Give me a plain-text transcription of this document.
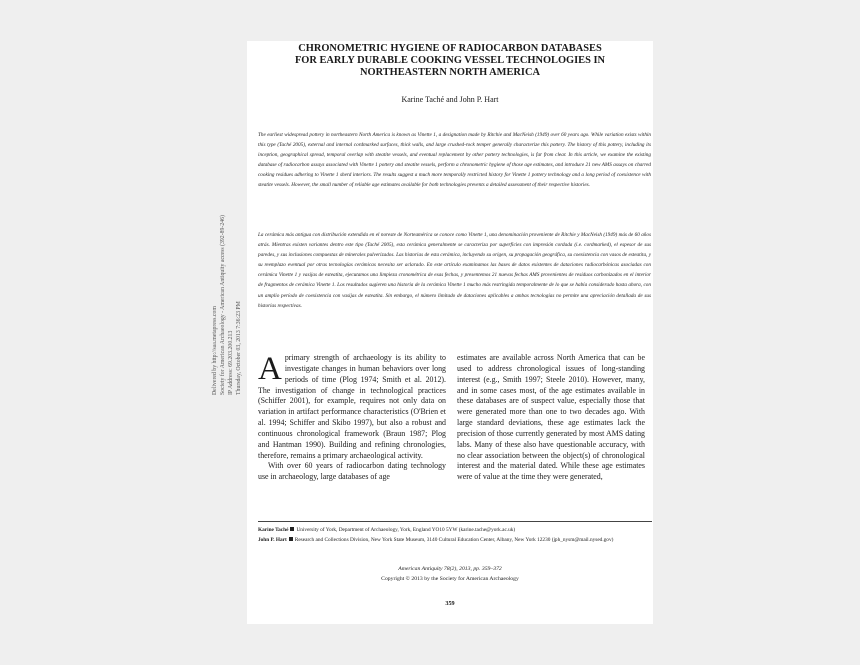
Delivered by http://saa.metapress.com Society for American Archaeology - American Antiquity access (392-89-246) IP Address: 69.203.200.213 Thursday, October 03, 2013 7:36:23 PM
CHRONOMETRIC HYGIENE OF RADIOCARBON DATABASES
FOR EARLY DURABLE COOKING VESSEL TECHNOLOGIES IN
NORTHEASTERN NORTH AMERICA
Karine Taché and John P. Hart

The earliest widespread pottery in northeastern North America is known as Vinette 1, a designation made by Ritchie and MacNeish (1949) over 60 years ago. While variation exists within this type (Taché 2005), external and internal cordmarked surfaces, thick walls, and large crushed-rock temper generally characterize this pottery. The history of this pottery, including its inception, geographical spread, temporal overlap with steatite vessels, and eventual replacement by other pottery technologies, is far from clear. In this article, we examine the existing database of radiocarbon assays associated with Vinette 1 pottery and steatite vessels, perform a chronometric hygiene of those age estimates, and introduce 21 new AMS assays on charred cooking residues adhering to Vinette 1 sherd interiors. The results suggest a much more temporally restricted history for Vinette 1 pottery technology and a long period of coexistence with steatite vessels. However, the small number of reliable age estimates available for both technologies prevents a detailed assessment of their respective histories.

La cerámica más antigua con distribución extendida en el noreste de Norteamérica se conoce como Vinette 1, una denominación proveniente de Ritchie y MacNeish (1949) más de 60 años atrás. Mientras existen variantes dentro este tipo (Taché 2005), esta cerámica generalmente se caracteriza por superficies con impresión cordada (i.e. cordmarked), el espesor de sus paredes, y sus inclusiones compuestas de minerales pulverizados. Las historias de esta cerámica, incluyendo su origen, su propagación geográfica, su coexistencia con vasos de esteatita, y su reemplazo eventual por otras tecnologías cerámicas necesita ser aclarado. En este artículo examinamos las bases de datos existentes de dataciones radiocarbónicas asociadas con cerámica Vinette 1 y vasijas de esteatita, ejecutamos una limpieza cronométrica de esas fechas, y presentemos 21 nuevas fechas AMS provenientes de residuos carbonizados en el interior de fragmentos de cerámica Vinette 1. Los resultados sugieren una historia de la cerámica Vinette 1 mucho más restringida temporalmente de lo que se había considerado hasta ahora, con un amplio período de coexistencia con vasijas de esteatita. Sin embargo, el número limitado de dataciones aplicables a ambas tecnologías no permite una apreciación detallada de sus historias respectivas.

Aprimary strength of archaeology is its ability to investigate changes in human behaviors over long periods of time (Plog 1974; Smith et al. 2012). The investigation of change in technological practices (Schiffer 2001), for example, requires not only data on variation in artifact performance characteristics (O'Brien et al. 1994; Schiffer and Skibo 1997), but also a robust and continuous chronological framework (Braun 1987; Plog and Hantman 1990). Building and refining chronologies, therefore, remains a primary archaeological activity.

With over 60 years of radiocarbon dating technology use in archaeology, large databases of age

estimates are available across North America that can be used to address chronological issues of long-standing interest (e.g., Smith 1997; Steele 2010). However, many, and in some cases most, of the age estimates available in these databases are of suspect value, especially those that were generated more than one to two decades ago. With large standard deviations, these age estimates lack the precision of those currently generated by most AMS dating labs. Many of these also have questionable accuracy, with no clear association between the object(s) of chronological interest and the material dated. While these age estimates were of value at the time they were generated,

Karine Taché University of York, Department of Archaeology, York, England YO10 5YW (karine.tache@york.ac.uk)
John P. Hart Research and Collections Division, New York State Museum, 3140 Cultural Education Center, Albany, New York 12230 (jph_nysm@mail.nysed.gov)
American Antiquity 78(2), 2013, pp. 359–372
Copyright © 2013 by the Society for American Archaeology
359
